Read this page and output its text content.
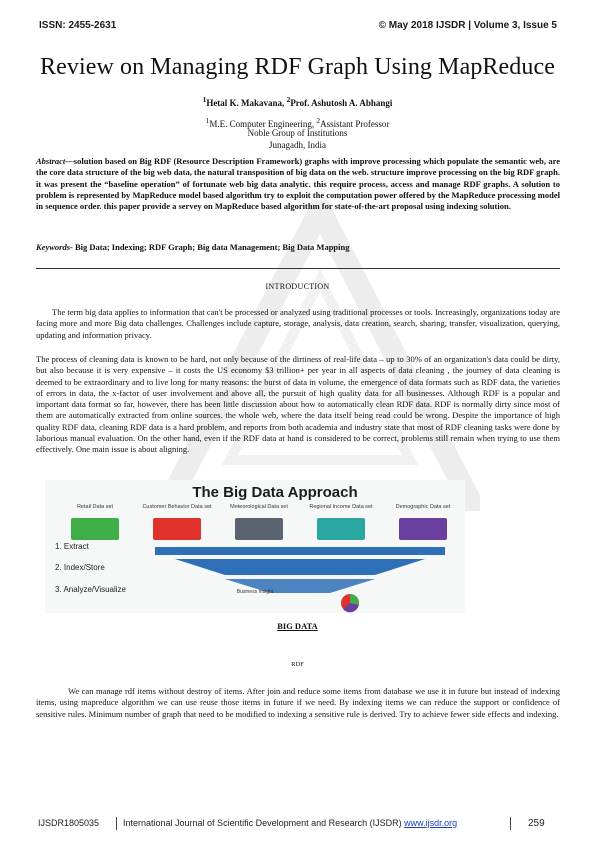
ISSN: 2455-2631	© May 2018 IJSDR | Volume 3, Issue 5
Review on Managing RDF Graph Using MapReduce
$^1$Hetal K. Makavana, $^2$Prof. Ashutosh A. Abhangi
$^1$M.E. Computer Engineering, $^2$Assistant Professor
Noble Group of Institutions
Junagadh, India
Abstract—solution based on Big RDF (Resource Description Framework) graphs with improve processing which populate the semantic web, are the core data structure of the big web data, the natural transposition of big data on the web. structure improve processing on the big RDF graph. it was present the “baseline operation” of fortunate web big data analytic. this require process, access and manage RDF graphs. A solution to problem is represented by MapReduce model based algorithm try to exploit the computation power offered by the MapReduce processing model in sequence order. this paper provide a servey on MapReduce based algorithm for state-of-the-art proposal using indexing solution.
Keywords- Big Data; Indexing; RDF Graph; Big data Management; Big Data Mapping
INTRODUCTION
The term big data applies to information that can't be processed or analyzed using traditional processes or tools. Increasingly, organizations today are facing more and more Big data challenges. Challenges include capture, storage, analysis, data creation, search, sharing, transfer, visualization, querying, updating and information privacy.
The process of cleaning data is known to be hard, not only because of the dirtiness of real-life data – up to 30% of an organization's data could be dirty, but also because it is very expensive – it costs the US economy $3 trillion+ per year in all aspects of data cleaning , the journey of data cleaning is deemed to be extraordinary and to live long for many reasons: the burst of data in volume, the emergence of data formats such as RDF data, the varieties of errors in data, the x-factor of user involvement and above all, the pursuit of high quality data for all businesses. Although RDF is a popular and important data format so far, however, there has been little discussion about how to automatically clean RDF data. RDF is normally dirty since most of them are automatically extracted from online sources. the whole web, where the data itself being read could be wrong. Despite the importance of high quality RDF data, cleaning RDF data is a hard problem, and reports from both academia and industry state that most of RDF cleaning tasks were done by laborious manual evaluation. On the other hand, even if the RDF data at hand is considered to be correct, problems still remain when trying to use them effectively. One main issue is about aligning.
The Big Data Approach
Retail Data set	Customer Behavior Data set	Meteorological Data set	Regional Income Data set	Demographic Data set
1. Extract
2. Index/Store
3. Analyze/Visualize	Business Insight
BIG DATA
RDF
We can manage rdf items without destroy of items. After join and reduce some items from database we use it in future but instead of indexing items, using mapreduce algorithm we can use reuse those items in future if we need. By indexing items we can reduce the support or confidence of sensitive rules. Minimum number of graph that need to be modified to indexing a sensitive rule is derived. Try to achieve fewer side effects and indexing.
IJSDR1805035	International Journal of Scientific Development and Research (IJSDR) www.ijsdr.org	259
